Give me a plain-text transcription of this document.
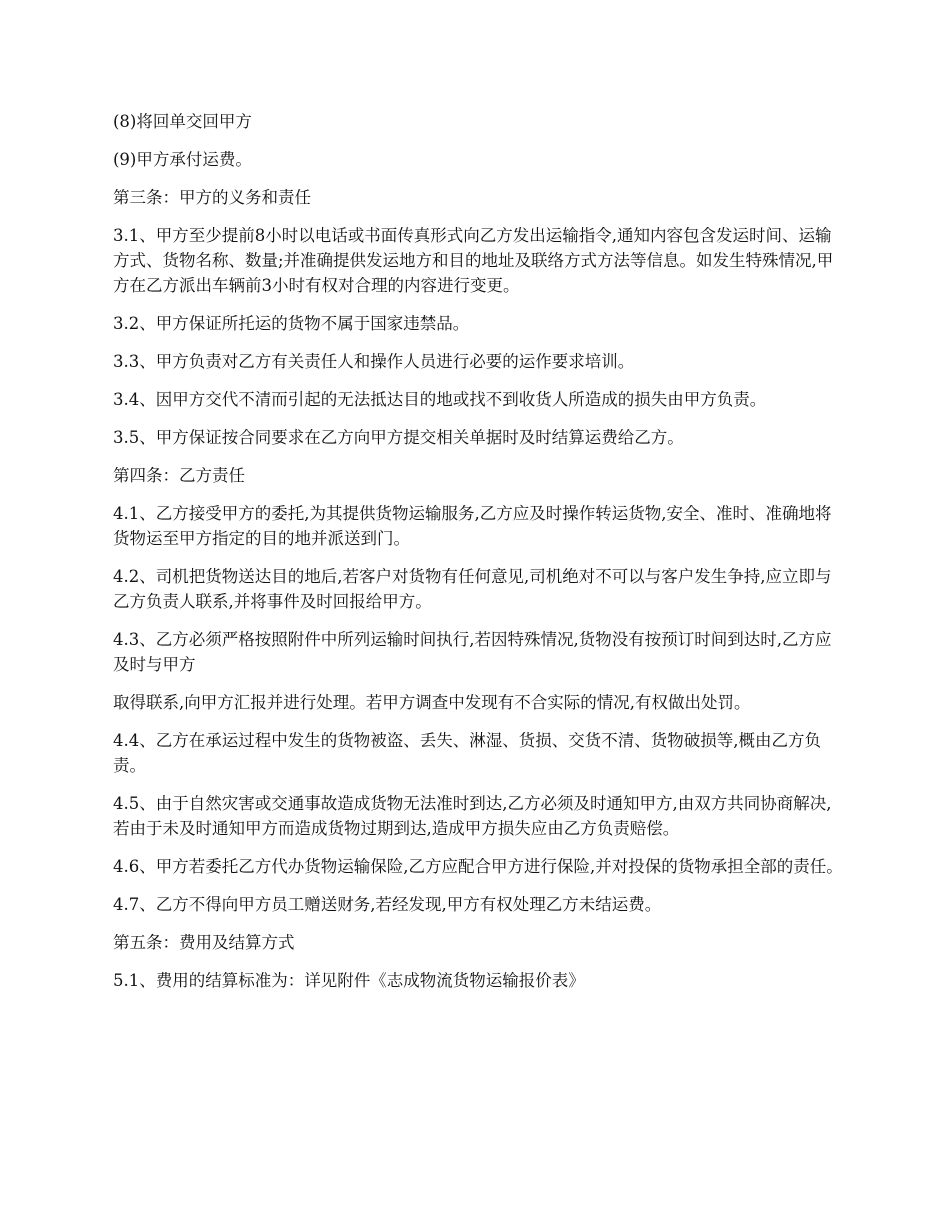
(8)将回单交回甲方

(9)甲方承付运费。

第三条：甲方的义务和责任

3.1、甲方至少提前8小时以电话或书面传真形式向乙方发出运输指令,通知内容包含发运时间、运输方式、货物名称、数量;并准确提供发运地方和目的地址及联络方式方法等信息。如发生特殊情况,甲方在乙方派出车辆前3小时有权对合理的内容进行变更。

3.2、甲方保证所托运的货物不属于国家违禁品。

3.3、甲方负责对乙方有关责任人和操作人员进行必要的运作要求培训。

3.4、因甲方交代不清而引起的无法抵达目的地或找不到收货人所造成的损失由甲方负责。

3.5、甲方保证按合同要求在乙方向甲方提交相关单据时及时结算运费给乙方。

第四条：乙方责任

4.1、乙方接受甲方的委托,为其提供货物运输服务,乙方应及时操作转运货物,安全、准时、准确地将货物运至甲方指定的目的地并派送到门。

4.2、司机把货物送达目的地后,若客户对货物有任何意见,司机绝对不可以与客户发生争持,应立即与乙方负责人联系,并将事件及时回报给甲方。

4.3、乙方必须严格按照附件中所列运输时间执行,若因特殊情况,货物没有按预订时间到达时,乙方应及时与甲方

取得联系,向甲方汇报并进行处理。若甲方调查中发现有不合实际的情况,有权做出处罚。

4.4、乙方在承运过程中发生的货物被盗、丢失、淋湿、货损、交货不清、货物破损等,概由乙方负责。

4.5、由于自然灾害或交通事故造成货物无法准时到达,乙方必须及时通知甲方,由双方共同协商解决,若由于未及时通知甲方而造成货物过期到达,造成甲方损失应由乙方负责赔偿。

4.6、甲方若委托乙方代办货物运输保险,乙方应配合甲方进行保险,并对投保的货物承担全部的责任。

4.7、乙方不得向甲方员工赠送财务,若经发现,甲方有权处理乙方未结运费。

第五条：费用及结算方式

5.1、费用的结算标准为：详见附件《志成物流货物运输报价表》
